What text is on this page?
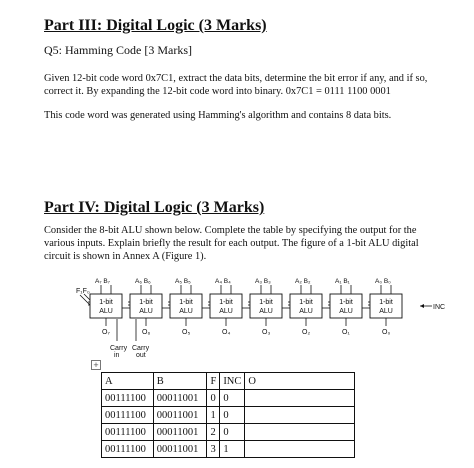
Part III: Digital Logic (3 Marks)
Q5: Hamming Code [3 Marks]

Given 12-bit code word 0x7C1, extract the data bits, determine the bit error if any, and if so, correct it. By expanding the 12-bit code word into binary. 0x7C1 = 0111 1100 0001

This code word was generated using Hamming's algorithm and contains 8 data bits.

Part IV: Digital Logic (3 Marks)

Consider the 8-bit ALU shown below. Complete the table by specifying the output for the various inputs. Explain briefly the result for each output. The figure of a 1-bit ALU digital circuit is shown in Annex A (Figure 1).

F₁F₀
A₇ B₇
1-bit
ALU
O₇
A₆ B₆
1-bit
ALU
O₆
A₅ B₅
1-bit
ALU
O₅
A₄ B₄
1-bit
ALU
O₄
A₃ B₃
1-bit
ALU
O₃
A₂ B₂
1-bit
ALU
O₂
A₁ B₁
1-bit
ALU
O₁
A₀ B₀
1-bit
ALU
O₀
INC
Carry
in
Carry
out
+
A	B	F	INC	O
00111100	00011001	0	0	
00111100	00011001	1	0	
00111100	00011001	2	0	
00111100	00011001	3	1	
